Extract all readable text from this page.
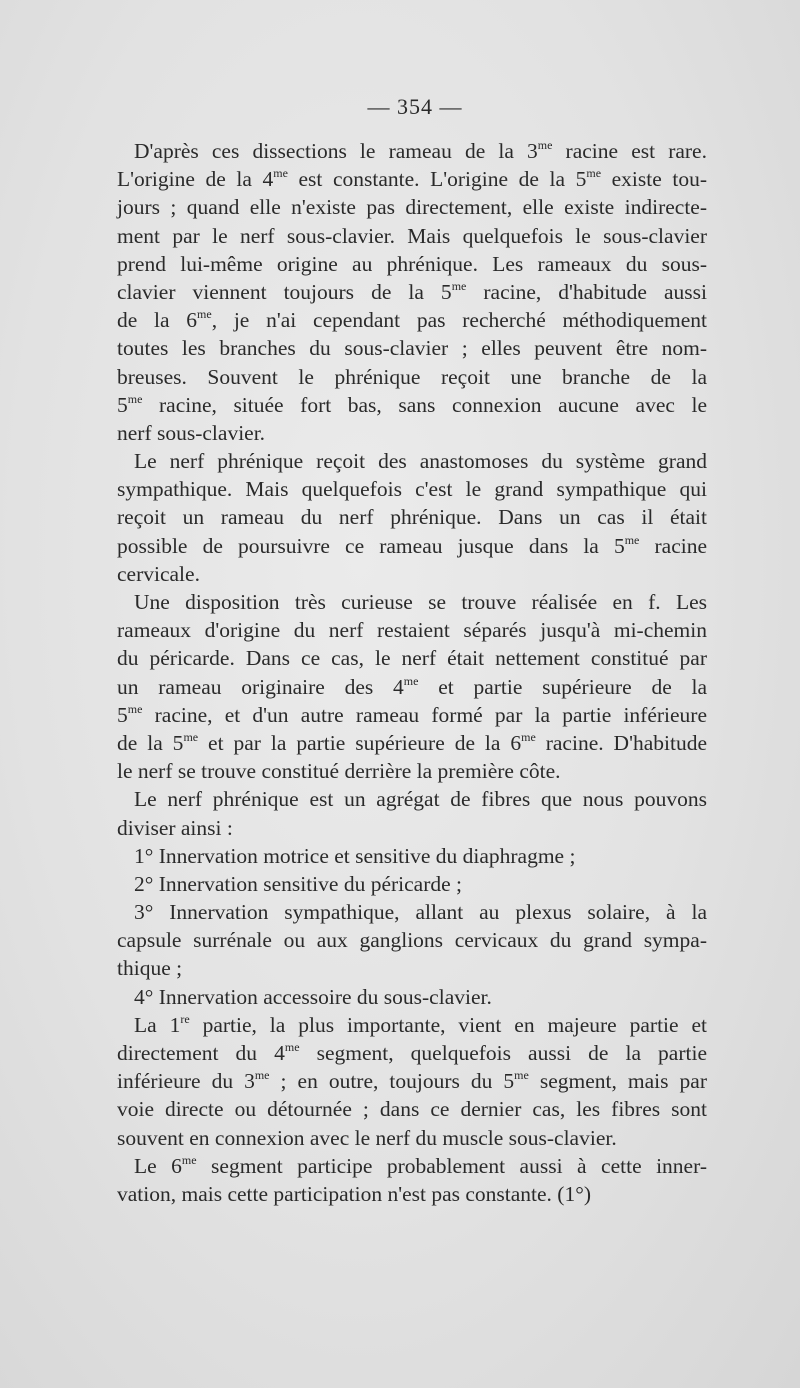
— 354 —
D'après ces dissections le rameau de la $3^{me}$ racine est rare.
L'origine de la $4^{me}$ est constante. L'origine de la $5^{me}$ existe tou-
jours ; quand elle n'existe pas directement, elle existe indirecte-
ment par le nerf sous-clavier. Mais quelquefois le sous-clavier
prend lui-même origine au phrénique. Les rameaux du sous-
clavier viennent toujours de la $5^{me}$ racine, d'habitude aussi
de la $6^{me}$, je n'ai cependant pas recherché méthodiquement
toutes les branches du sous-clavier ; elles peuvent être nom-
breuses. Souvent le phrénique reçoit une branche de la
$5^{me}$ racine, située fort bas, sans connexion aucune avec le
nerf sous-clavier.
Le nerf phrénique reçoit des anastomoses du système grand
sympathique. Mais quelquefois c'est le grand sympathique qui
reçoit un rameau du nerf phrénique. Dans un cas il était
possible de poursuivre ce rameau jusque dans la $5^{me}$ racine
cervicale.
Une disposition très curieuse se trouve réalisée en f. Les
rameaux d'origine du nerf restaient séparés jusqu'à mi-chemin
du péricarde. Dans ce cas, le nerf était nettement constitué par
un rameau originaire des $4^{me}$ et partie supérieure de la
$5^{me}$ racine, et d'un autre rameau formé par la partie inférieure
de la $5^{me}$ et par la partie supérieure de la $6^{me}$ racine. D'habitude
le nerf se trouve constitué derrière la première côte.
Le nerf phrénique est un agrégat de fibres que nous pouvons
diviser ainsi :
1° Innervation motrice et sensitive du diaphragme ;
2° Innervation sensitive du péricarde ;
3° Innervation sympathique, allant au plexus solaire, à la
capsule surrénale ou aux ganglions cervicaux du grand sympa-
thique ;
4° Innervation accessoire du sous-clavier.
La 1re partie, la plus importante, vient en majeure partie et
directement du $4^{me}$ segment, quelquefois aussi de la partie
inférieure du $3^{me}$ ; en outre, toujours du $5^{me}$ segment, mais par
voie directe ou détournée ; dans ce dernier cas, les fibres sont
souvent en connexion avec le nerf du muscle sous-clavier.
Le $6^{me}$ segment participe probablement aussi à cette inner-
vation, mais cette participation n'est pas constante. (1°)
